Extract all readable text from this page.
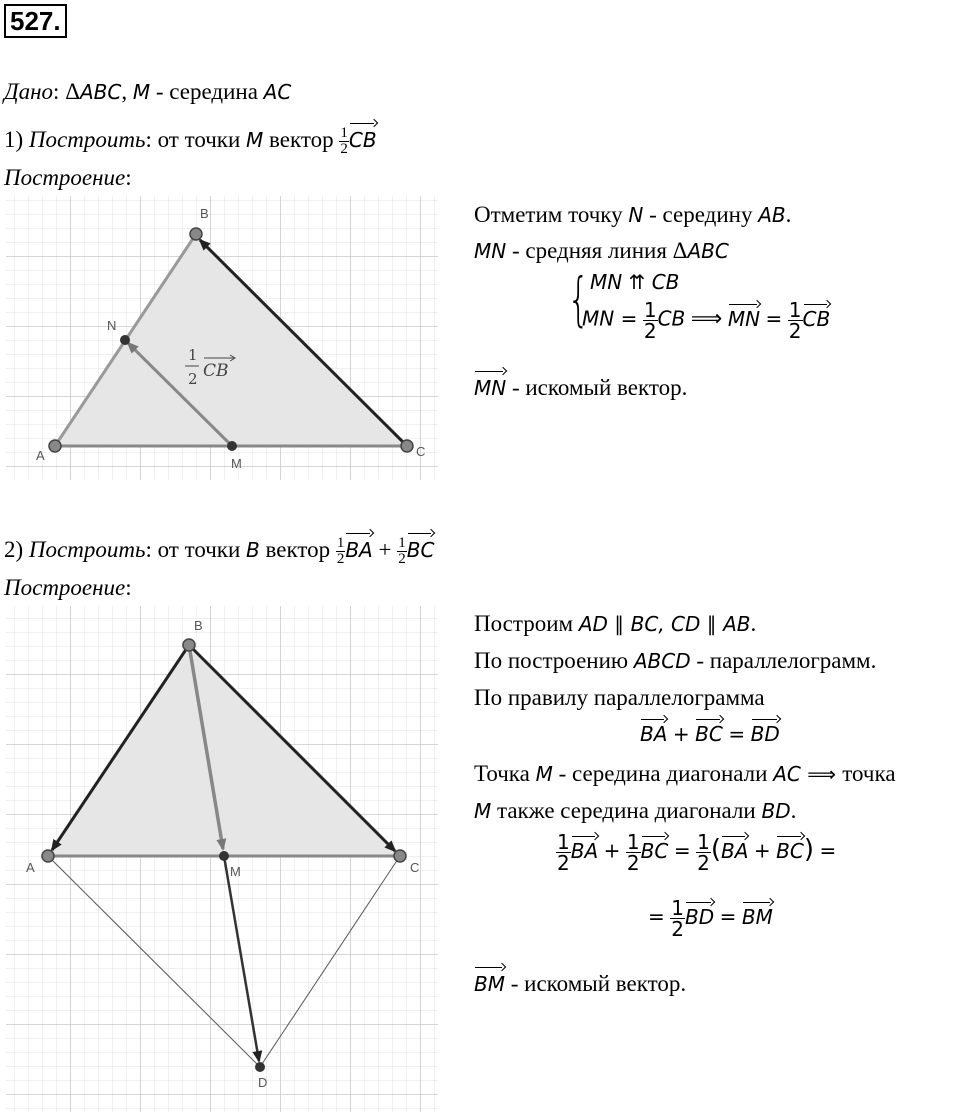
527.
Дано: ΔABC, M - середина AC
1) Построить: от точки M вектор $\frac{1}{2}$ CB
Построение:
A
B
C
N
M
1
2 CB
Отметим точку N - середину AB.
MN - средняя линия ΔABC
{ MN ⇈ CB
MN = $\frac{1}{2}$ CB ⟹ MN = $\frac{1}{2}$ CB
MN - искомый вектор.
2) Построить: от точки B вектор $\frac{1}{2}$ BA + $\frac{1}{2}$ BC
Построение:
A
B
C
M
D
Построим AD ∥ BC, CD ∥ AB.
По построению ABCD - параллелограмм.
По правилу параллелограмма
BA + BC = BD
Точка M - середина диагонали AC ⟹ точка
M также середина диагонали BD.
$\frac{1}{2}$ BA + $\frac{1}{2}$ BC = $\frac{1}{2} (BA + BC)$ =
= $\frac{1}{2}$ BD = BM
BM - искомый вектор.
